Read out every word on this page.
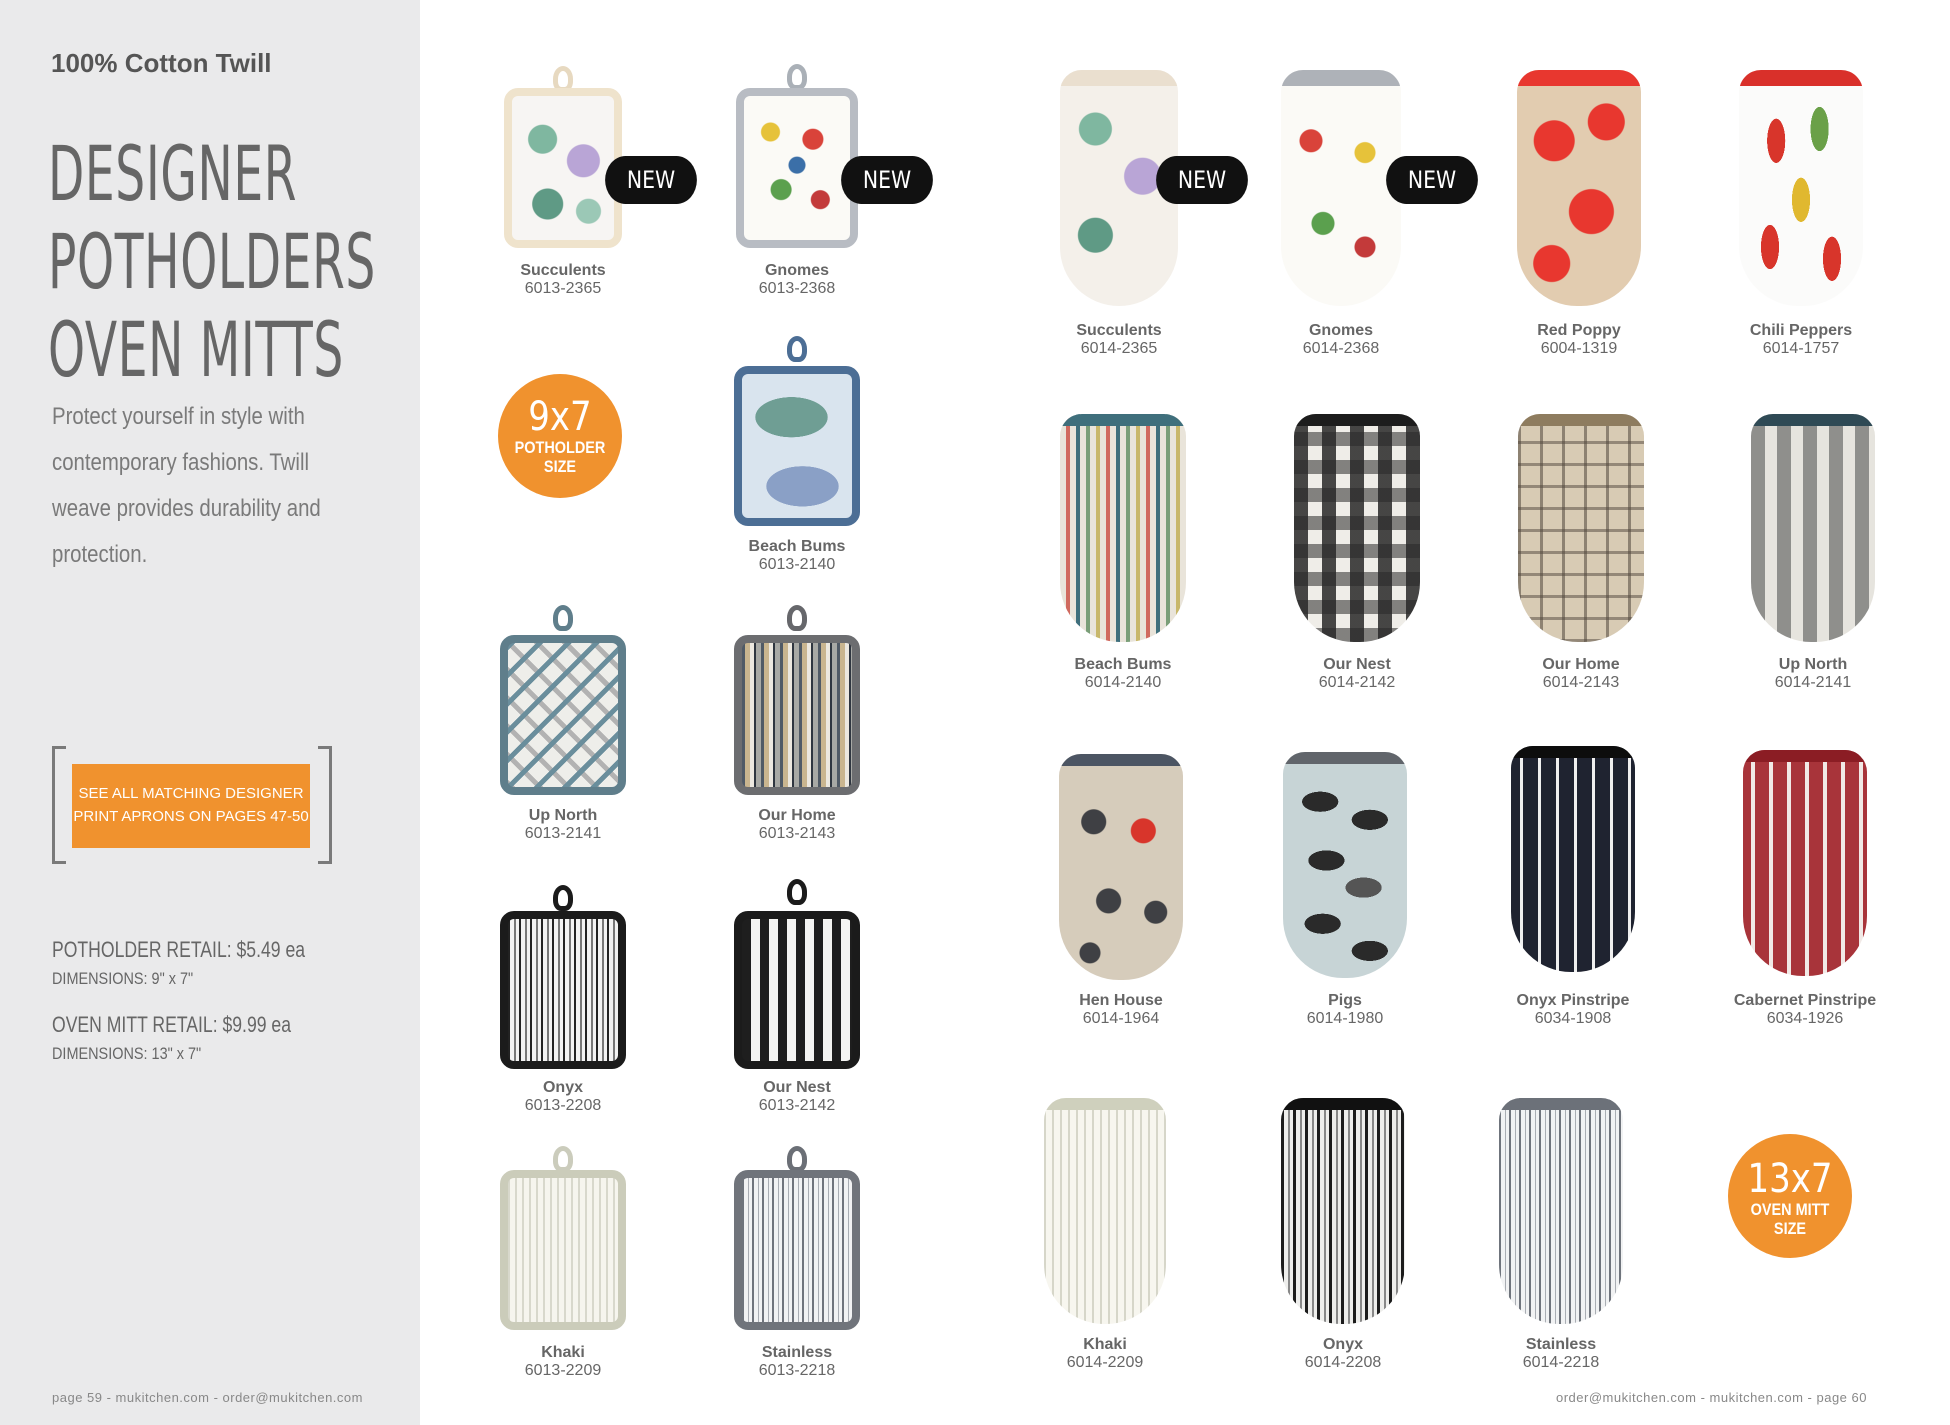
100% Cotton Twill
DESIGNER
POTHOLDERS
OVEN MITTS
Protect yourself in style with contemporary fashions. Twill weave provides durability and protection.
SEE ALL MATCHING DESIGNER PRINT APRONS ON PAGES 47-50
POTHOLDER RETAIL: $5.49 ea
DIMENSIONS: 9" x 7"
OVEN MITT RETAIL: $9.99 ea
DIMENSIONS: 13" x 7"
page 59 - mukitchen.com - order@mukitchen.com	order@mukitchen.com - mukitchen.com - page 60
Succulents
6013-2365
NEW
Gnomes
6013-2368
NEW
9x7
POTHOLDER
SIZE
Beach Bums
6013-2140
Up North
6013-2141
Our Home
6013-2143
Onyx
6013-2208
Our Nest
6013-2142
Khaki
6013-2209
Stainless
6013-2218
Succulents
6014-2365
NEW
Gnomes
6014-2368
NEW
Red Poppy
6004-1319
Chili Peppers
6014-1757
Beach Bums
6014-2140
Our Nest
6014-2142
Our Home
6014-2143
Up North
6014-2141
Hen House
6014-1964
Pigs
6014-1980
Onyx Pinstripe
6034-1908
Cabernet Pinstripe
6034-1926
Khaki
6014-2209
Onyx
6014-2208
Stainless
6014-2218
13x7
OVEN MITT
SIZE
